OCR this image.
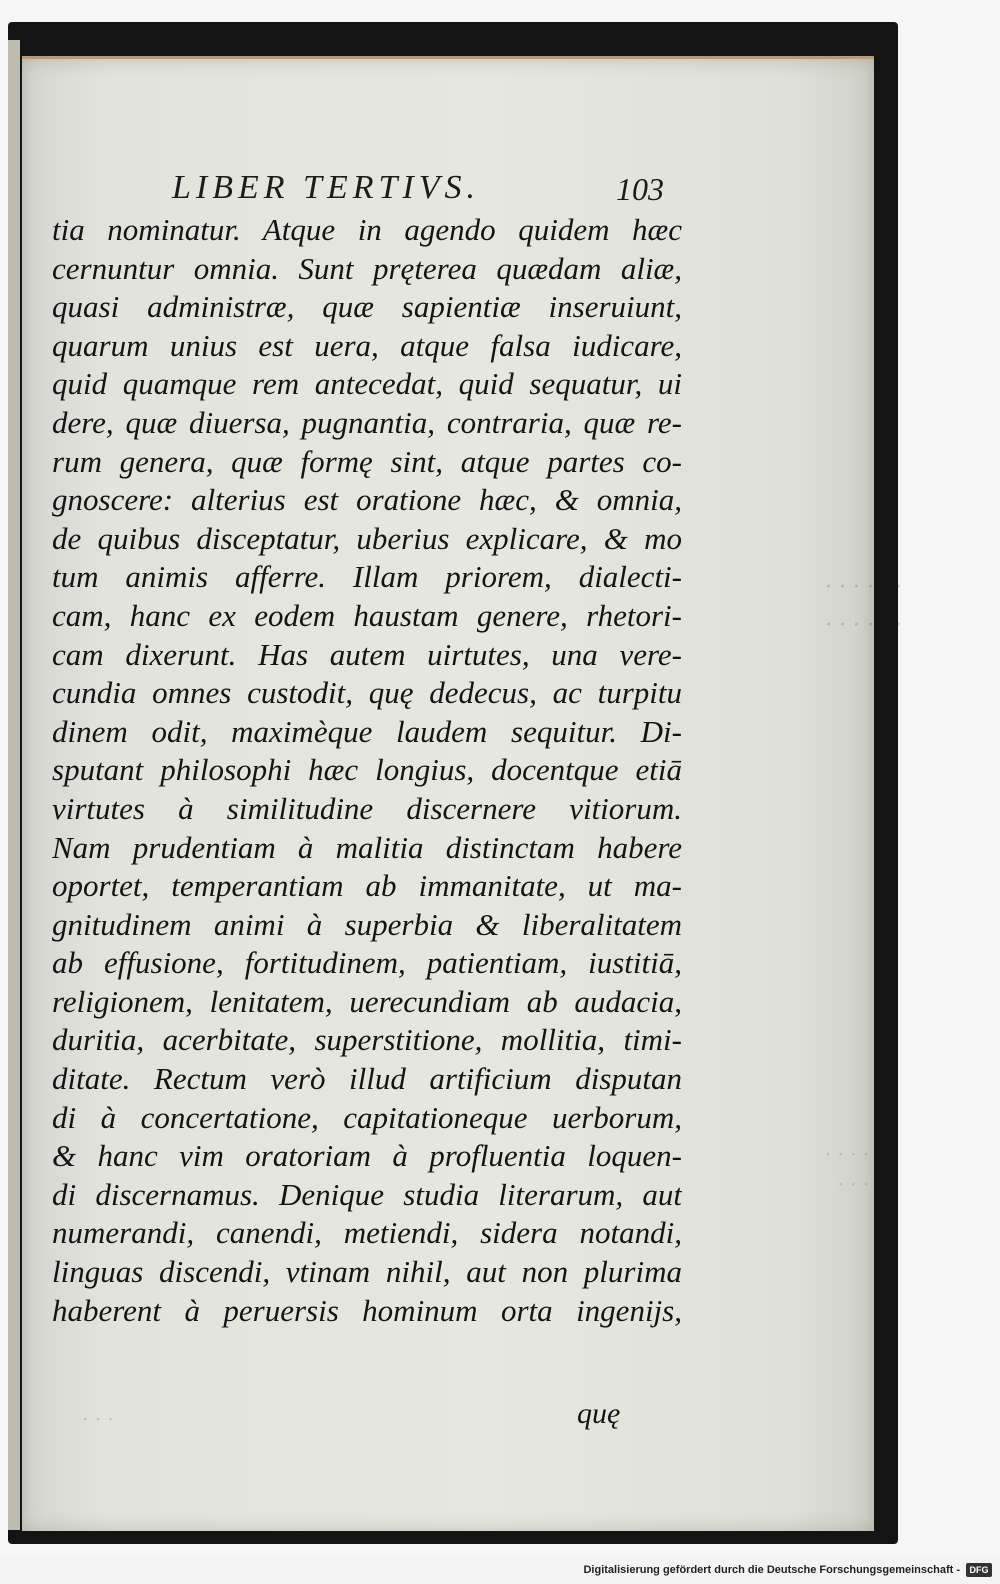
· · · · · ·
· · · · · ·
· · · · ·
· · · ·
· · ·
LIBER TERTIVS.	103
tia nominatur. Atque in agendo quidem hæc
cernuntur omnia. Sunt pręterea quædam aliæ,
quasi administræ, quæ sapientiæ inseruiunt,
quarum unius est uera, atque falsa iudicare,
quid quamque rem antecedat, quid sequatur, ui
dere, quæ diuersa, pugnantia, contraria, quæ re-
rum genera, quæ formę sint, atque partes co-
gnoscere: alterius est oratione hæc, & omnia,
de quibus disceptatur, uberius explicare, & mo
tum animis afferre. Illam priorem, dialecti-
cam, hanc ex eodem haustam genere, rhetori-
cam dixerunt. Has autem uirtutes, una vere-
cundia omnes custodit, quę dedecus, ac turpitu
dinem odit, maximèque laudem sequitur. Di-
sputant philosophi hæc longius, docentque etiā
virtutes à similitudine discernere vitiorum.
Nam prudentiam à malitia distinctam habere
oportet, temperantiam ab immanitate, ut ma-
gnitudinem animi à superbia & liberalitatem
ab effusione, fortitudinem, patientiam, iustitiā,
religionem, lenitatem, uerecundiam ab audacia,
duritia, acerbitate, superstitione, mollitia, timi-
ditate. Rectum verò illud artificium disputan
di à concertatione, capitationeque uerborum,
& hanc vim oratoriam à profluentia loquen-
di discernamus. Denique studia literarum, aut
numerandi, canendi, metiendi, sidera notandi,
linguas discendi, vtinam nihil, aut non plurima
haberent à peruersis hominum orta ingenijs,
quę
Digitalisierung gefördert durch die Deutsche Forschungsgemeinschaft -	DFG
